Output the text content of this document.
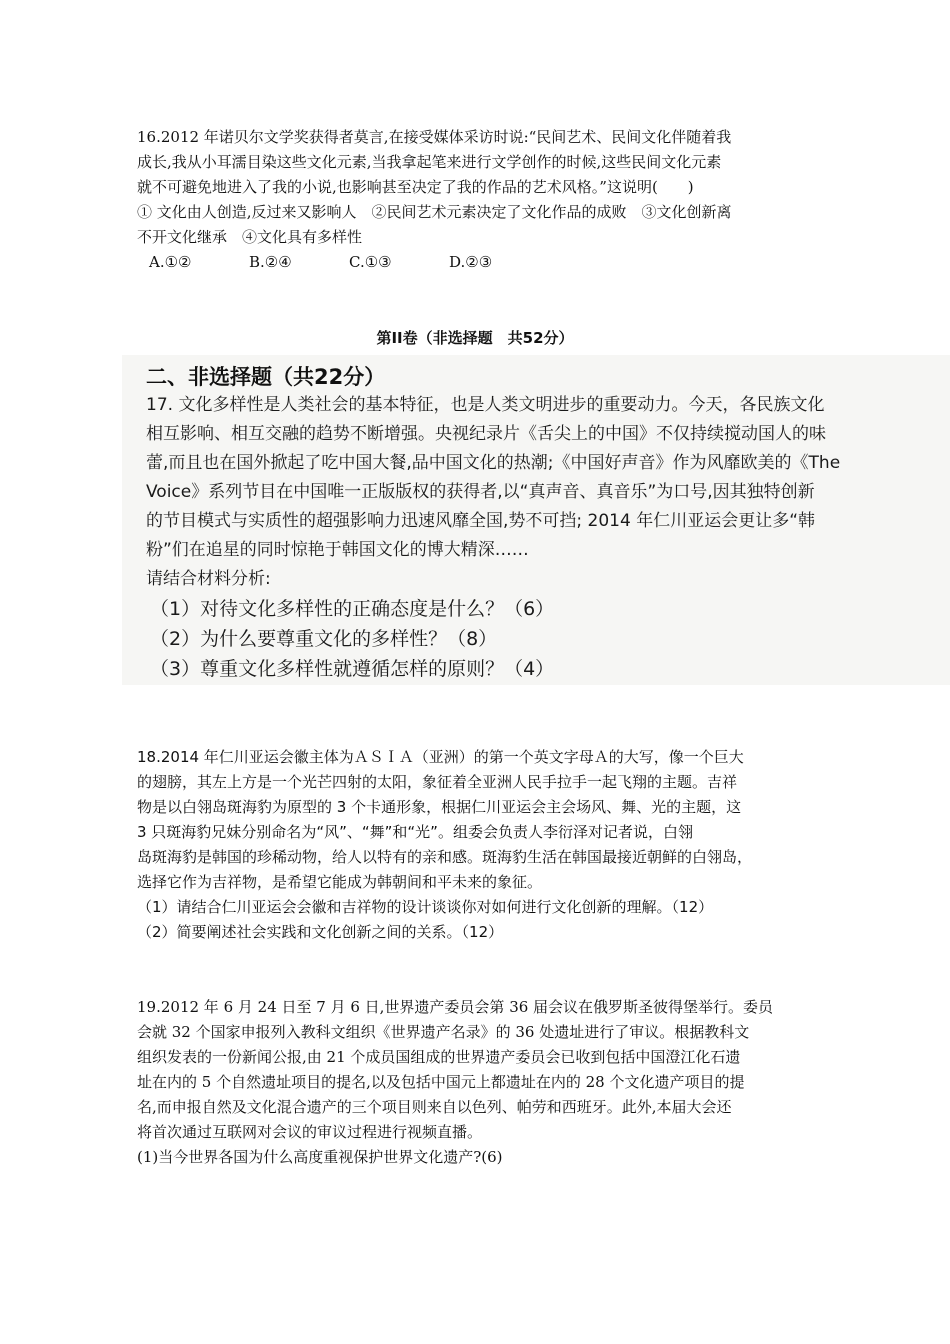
16.2012 年诺贝尔文学奖获得者莫言,在接受媒体采访时说:“民间艺术、民间文化伴随着我
成长,我从小耳濡目染这些文化元素,当我拿起笔来进行文学创作的时候,这些民间文化元素
就不可避免地进入了我的小说,也影响甚至决定了我的作品的艺术风格。”这说明(　　)
① 文化由人创造,反过来又影响人　②民间艺术元素决定了文化作品的成败　③文化创新离
不开文化继承　④文化具有多样性
A.①②	B.②④	C.①③	D.②③
第II卷（非选择题　共52分）
二、非选择题（共22分）
17. 文化多样性是人类社会的基本特征，也是人类文明进步的重要动力。今天，各民族文化
相互影响、相互交融的趋势不断增强。央视纪录片《舌尖上的中国》不仅持续搅动国人的味
蕾,而且也在国外掀起了吃中国大餐,品中国文化的热潮;《中国好声音》作为风靡欧美的《The
Voice》系列节目在中国唯一正版版权的获得者,以“真声音、真音乐”为口号,因其独特创新
的节目模式与实质性的超强影响力迅速风靡全国,势不可挡; 2014 年仁川亚运会更让多“韩
粉”们在追星的同时惊艳于韩国文化的博大精深……
请结合材料分析:
（1）对待文化多样性的正确态度是什么？（6）
（2）为什么要尊重文化的多样性？（8）
（3）尊重文化多样性就遵循怎样的原则？（4）
18.2014 年仁川亚运会徽主体为ＡＳＩＡ（亚洲）的第一个英文字母Ａ的大写，像一个巨大
的翅膀，其左上方是一个光芒四射的太阳，象征着全亚洲人民手拉手一起飞翔的主题。吉祥
物是以白翎岛斑海豹为原型的 3 个卡通形象，根据仁川亚运会主会场风、舞、光的主题，这
3 只斑海豹兄妹分别命名为“风”、“舞”和“光”。组委会负责人李衍泽对记者说，白翎
岛斑海豹是韩国的珍稀动物，给人以特有的亲和感。斑海豹生活在韩国最接近朝鲜的白翎岛，
选择它作为吉祥物，是希望它能成为韩朝间和平未来的象征。
（1）请结合仁川亚运会会徽和吉祥物的设计谈谈你对如何进行文化创新的理解。（12）
（2）简要阐述社会实践和文化创新之间的关系。（12）
19.2012 年 6 月 24 日至 7 月 6 日,世界遗产委员会第 36 届会议在俄罗斯圣彼得堡举行。委员
会就 32 个国家申报列入教科文组织《世界遗产名录》的 36 处遗址进行了审议。根据教科文
组织发表的一份新闻公报,由 21 个成员国组成的世界遗产委员会已收到包括中国澄江化石遗
址在内的 5 个自然遗址项目的提名,以及包括中国元上都遗址在内的 28 个文化遗产项目的提
名,而申报自然及文化混合遗产的三个项目则来自以色列、帕劳和西班牙。此外,本届大会还
将首次通过互联网对会议的审议过程进行视频直播。
(1)当今世界各国为什么高度重视保护世界文化遗产?(6)
